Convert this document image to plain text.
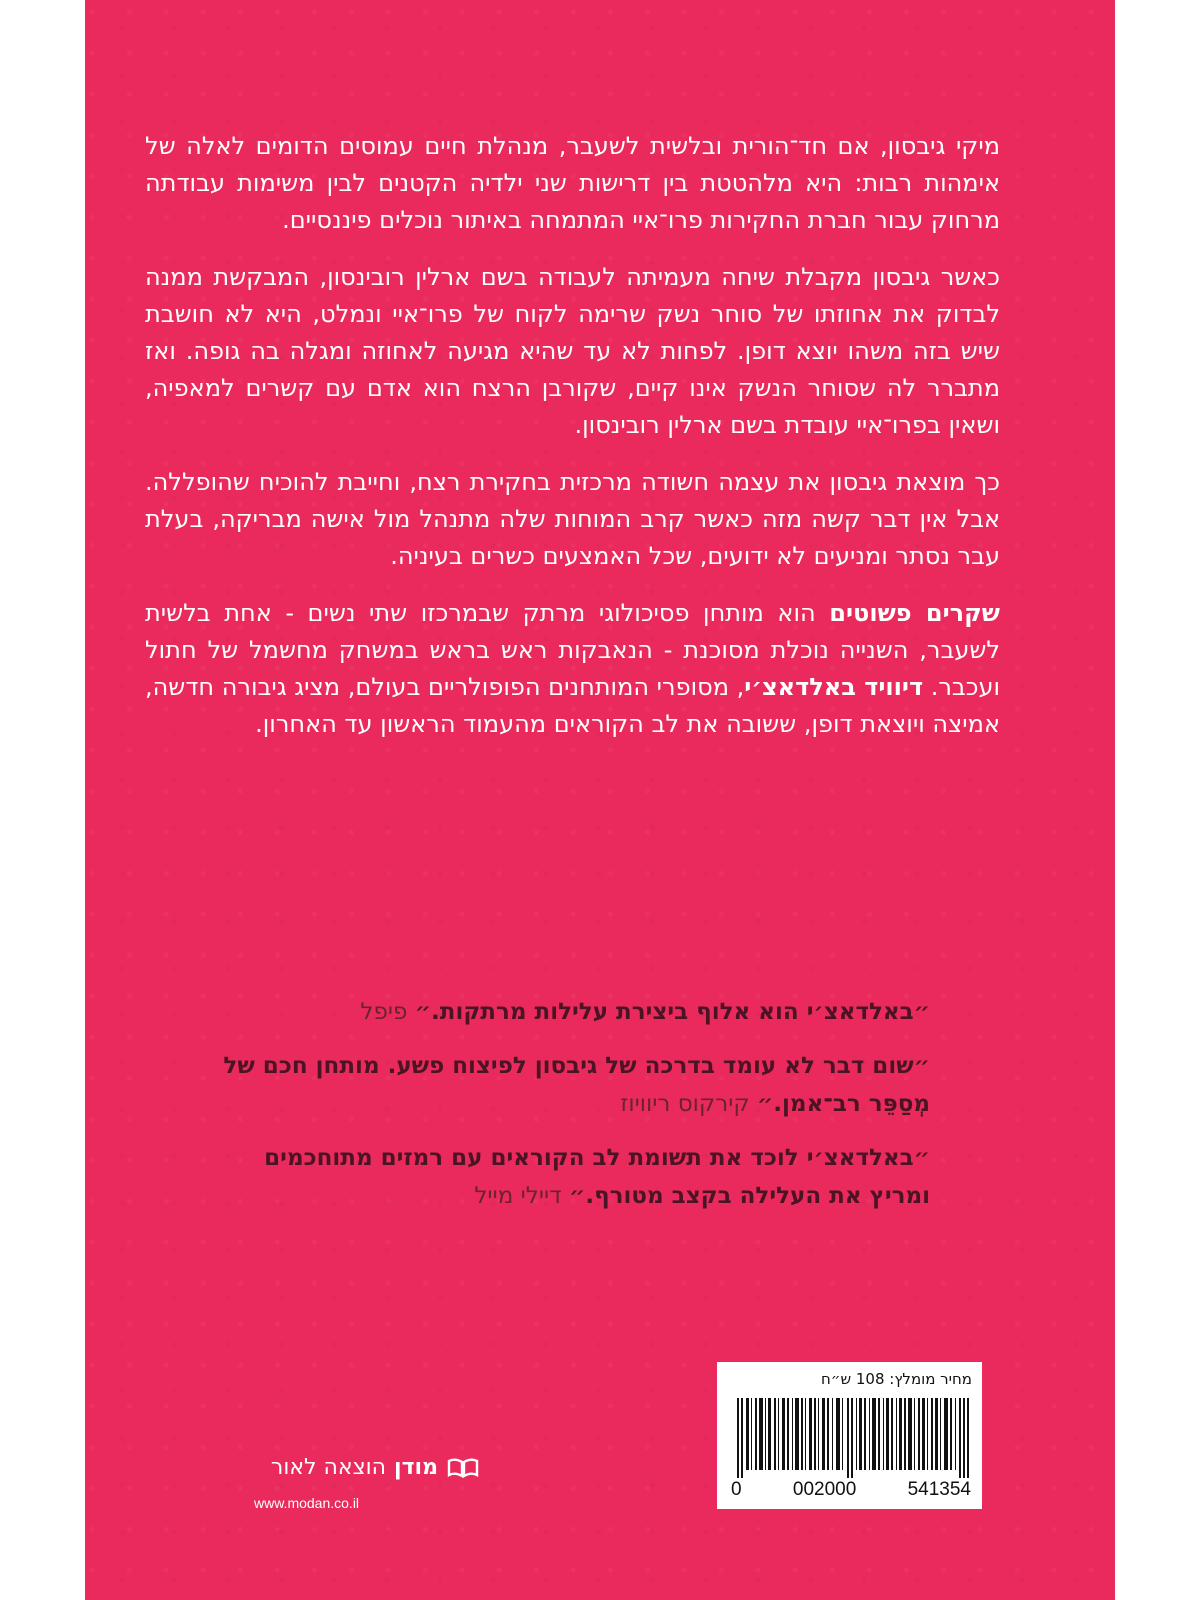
מיקי גיבסון, אם חד־הורית ובלשית לשעבר, מנהלת חיים עמוסים הדומים לאלה של אימהות רבות: היא מלהטטת בין דרישות שני ילדיה הקטנים לבין משימות עבודתה מרחוק עבור חברת החקירות פרו־איי המתמחה באיתור נוכלים פיננסיים.

כאשר גיבסון מקבלת שיחה מעמיתה לעבודה בשם ארלין רובינסון, המבקשת ממנה לבדוק את אחוזתו של סוחר נשק שרימה לקוח של פרו־איי ונמלט, היא לא חושבת שיש בזה משהו יוצא דופן. לפחות לא עד שהיא מגיעה לאחוזה ומגלה בה גופה. ואז מתברר לה שסוחר הנשק אינו קיים, שקורבן הרצח הוא אדם עם קשרים למאפיה, ושאין בפרו־איי עובדת בשם ארלין רובינסון.

כך מוצאת גיבסון את עצמה חשודה מרכזית בחקירת רצח, וחייבת להוכיח שהופללה. אבל אין דבר קשה מזה כאשר קרב המוחות שלה מתנהל מול אישה מבריקה, בעלת עבר נסתר ומניעים לא ידועים, שכל האמצעים כשרים בעיניה.

שקרים פשוטים הוא מותחן פסיכולוגי מרתק שבמרכזו שתי נשים - אחת בלשית לשעבר, השנייה נוכלת מסוכנת - הנאבקות ראש בראש במשחק מחשמל של חתול ועכבר. דיוויד באלדאצ׳י, מסופרי המותחנים הפופולריים בעולם, מציג גיבורה חדשה, אמיצה ויוצאת דופן, ששובה את לב הקוראים מהעמוד הראשון עד האחרון.

״באלדאצ׳י הוא אלוף ביצירת עלילות מרתקות.״ פיפל

״שום דבר לא עומד בדרכה של גיבסון לפיצוח פשע. מותחן חכם של מְסַפֵּר רב־אמן.״ קירקוס ריוויוז

״באלדאצ׳י לוכד את תשומת לב הקוראים עם רמזים מתוחכמים ומריץ את העלילה בקצב מטורף.״ דיילי מייל

מחיר מומלץ: 108 ש״ח
0	002000	541354
מודן
הוצאה לאור
www.modan.co.il
